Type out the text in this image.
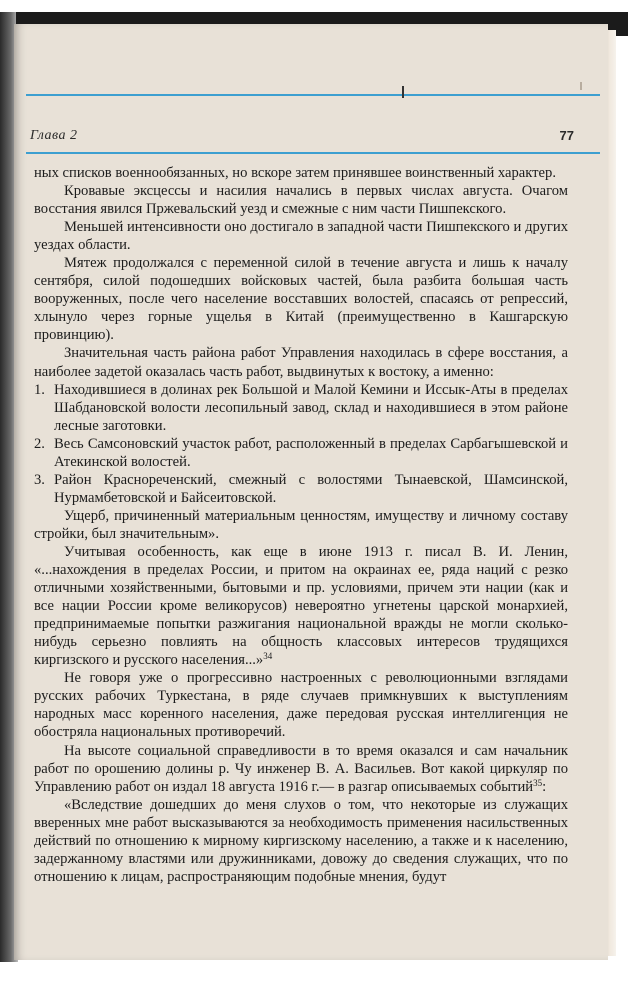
Глава 2	77

ных списков военнообязанных, но вскоре затем принявшее воинственный характер.

Кровавые эксцессы и насилия начались в первых числах августа. Очагом восстания явился Пржевальский уезд и смежные с ним части Пишпекского.

Меньшей интенсивности оно достигало в западной части Пишпекского и других уездах области.

Мятеж продолжался с переменной силой в течение августа и лишь к началу сентября, силой подошедших войсковых частей, была разбита большая часть вооруженных, после чего население восставших волостей, спасаясь от репрессий, хлынуло через горные ущелья в Китай (преимущественно в Кашгарскую провинцию).

Значительная часть района работ Управления находилась в сфере восстания, а наиболее задетой оказалась часть работ, выдвинутых к востоку, а именно:

1. Находившиеся в долинах рек Большой и Малой Кемини и Иссык-Аты в пределах Шабдановской волости лесопильный завод, склад и находившиеся в этом районе лесные заготовки.

2. Весь Самсоновский участок работ, расположенный в пределах Сарбагышевской и Атекинской волостей.

3. Район Краснореченский, смежный с волостями Тынаевской, Шамсинской, Нурмамбетовской и Байсеитовской.

Ущерб, причиненный материальным ценностям, имуществу и личному составу стройки, был значительным».

Учитывая особенность, как еще в июне 1913 г. писал В. И. Ленин, «...нахождения в пределах России, и притом на окраинах ее, ряда наций с резко отличными хозяйственными, бытовыми и пр. условиями, причем эти нации (как и все нации России кроме великорусов) невероятно угнетены царской монархией, предпринимаемые попытки разжигания национальной вражды не могли сколько-нибудь серьезно повлиять на общность классовых интересов трудящихся киргизского и русского населения...»$^{34}$

Не говоря уже о прогрессивно настроенных с революционными взглядами русских рабочих Туркестана, в ряде случаев примкнувших к выступлениям народных масс коренного населения, даже передовая русская интеллигенция не обостряла национальных противоречий.

На высоте социальной справедливости в то время оказался и сам начальник работ по орошению долины р. Чу инженер В. А. Васильев. Вот какой циркуляр по Управлению работ он издал 18 августа 1916 г.— в разгар описываемых событий$^{35}$:

«Вследствие дошедших до меня слухов о том, что некоторые из служащих вверенных мне работ высказываются за необходимость применения насильственных действий по отношению к мирному киргизскому населению, а также и к населению, задержанному властями или дружинниками, довожу до сведения служащих, что по отношению к лицам, распространяющим подобные мнения, будут
